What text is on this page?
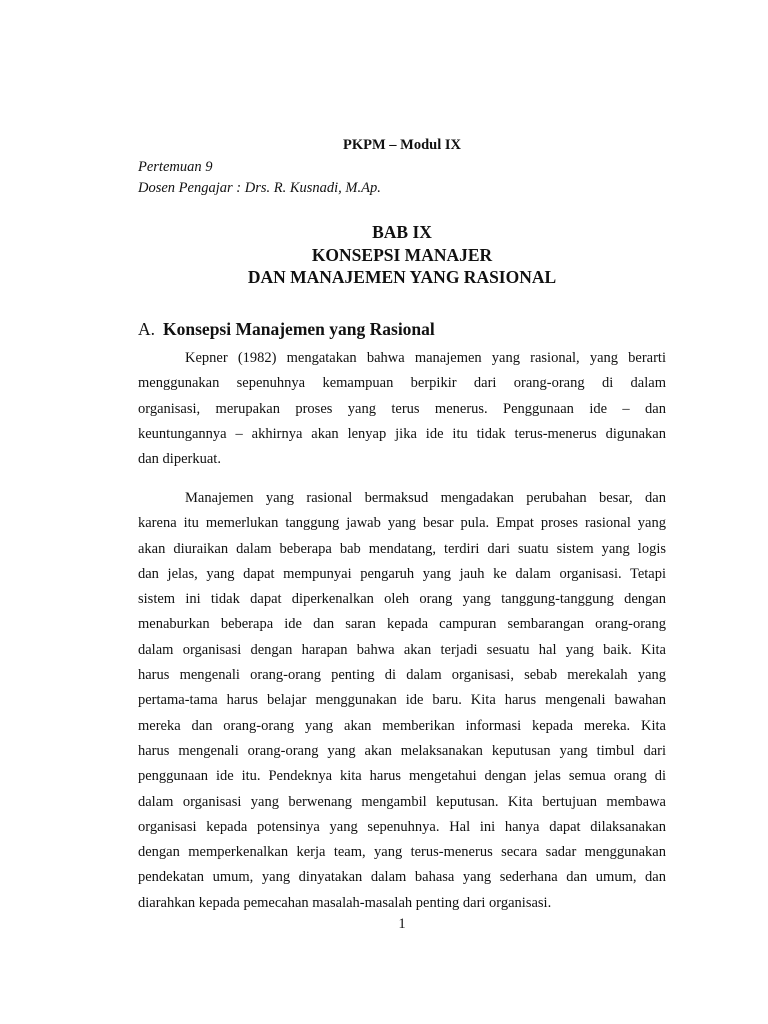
PKPM – Modul IX
Pertemuan 9
Dosen Pengajar : Drs. R. Kusnadi, M.Ap.
BAB IX
KONSEPSI MANAJER
DAN MANAJEMEN YANG RASIONAL
A. Konsepsi Manajemen yang Rasional
Kepner (1982) mengatakan bahwa manajemen yang rasional, yang berarti
menggunakan sepenuhnya kemampuan berpikir dari orang-orang di dalam
organisasi, merupakan proses yang terus menerus. Penggunaan ide – dan
keuntungannya – akhirnya akan lenyap jika ide itu tidak terus-menerus digunakan
dan diperkuat.
Manajemen yang rasional bermaksud mengadakan perubahan besar, dan
karena itu memerlukan tanggung jawab yang besar pula. Empat proses rasional yang
akan diuraikan dalam beberapa bab mendatang, terdiri dari suatu sistem yang logis
dan jelas, yang dapat mempunyai pengaruh yang jauh ke dalam organisasi. Tetapi
sistem ini tidak dapat diperkenalkan oleh orang yang tanggung-tanggung dengan
menaburkan beberapa ide dan saran kepada campuran sembarangan orang-orang
dalam organisasi dengan harapan bahwa akan terjadi sesuatu hal yang baik. Kita
harus mengenali orang-orang penting di dalam organisasi, sebab merekalah yang
pertama-tama harus belajar menggunakan ide baru. Kita harus mengenali bawahan
mereka dan orang-orang yang akan memberikan informasi kepada mereka. Kita
harus mengenali orang-orang yang akan melaksanakan keputusan yang timbul dari
penggunaan ide itu. Pendeknya kita harus mengetahui dengan jelas semua orang di
dalam organisasi yang berwenang mengambil keputusan. Kita bertujuan membawa
organisasi kepada potensinya yang sepenuhnya. Hal ini hanya dapat dilaksanakan
dengan memperkenalkan kerja team, yang terus-menerus secara sadar menggunakan
pendekatan umum, yang dinyatakan dalam bahasa yang sederhana dan umum, dan
diarahkan kepada pemecahan masalah-masalah penting dari organisasi.
1
